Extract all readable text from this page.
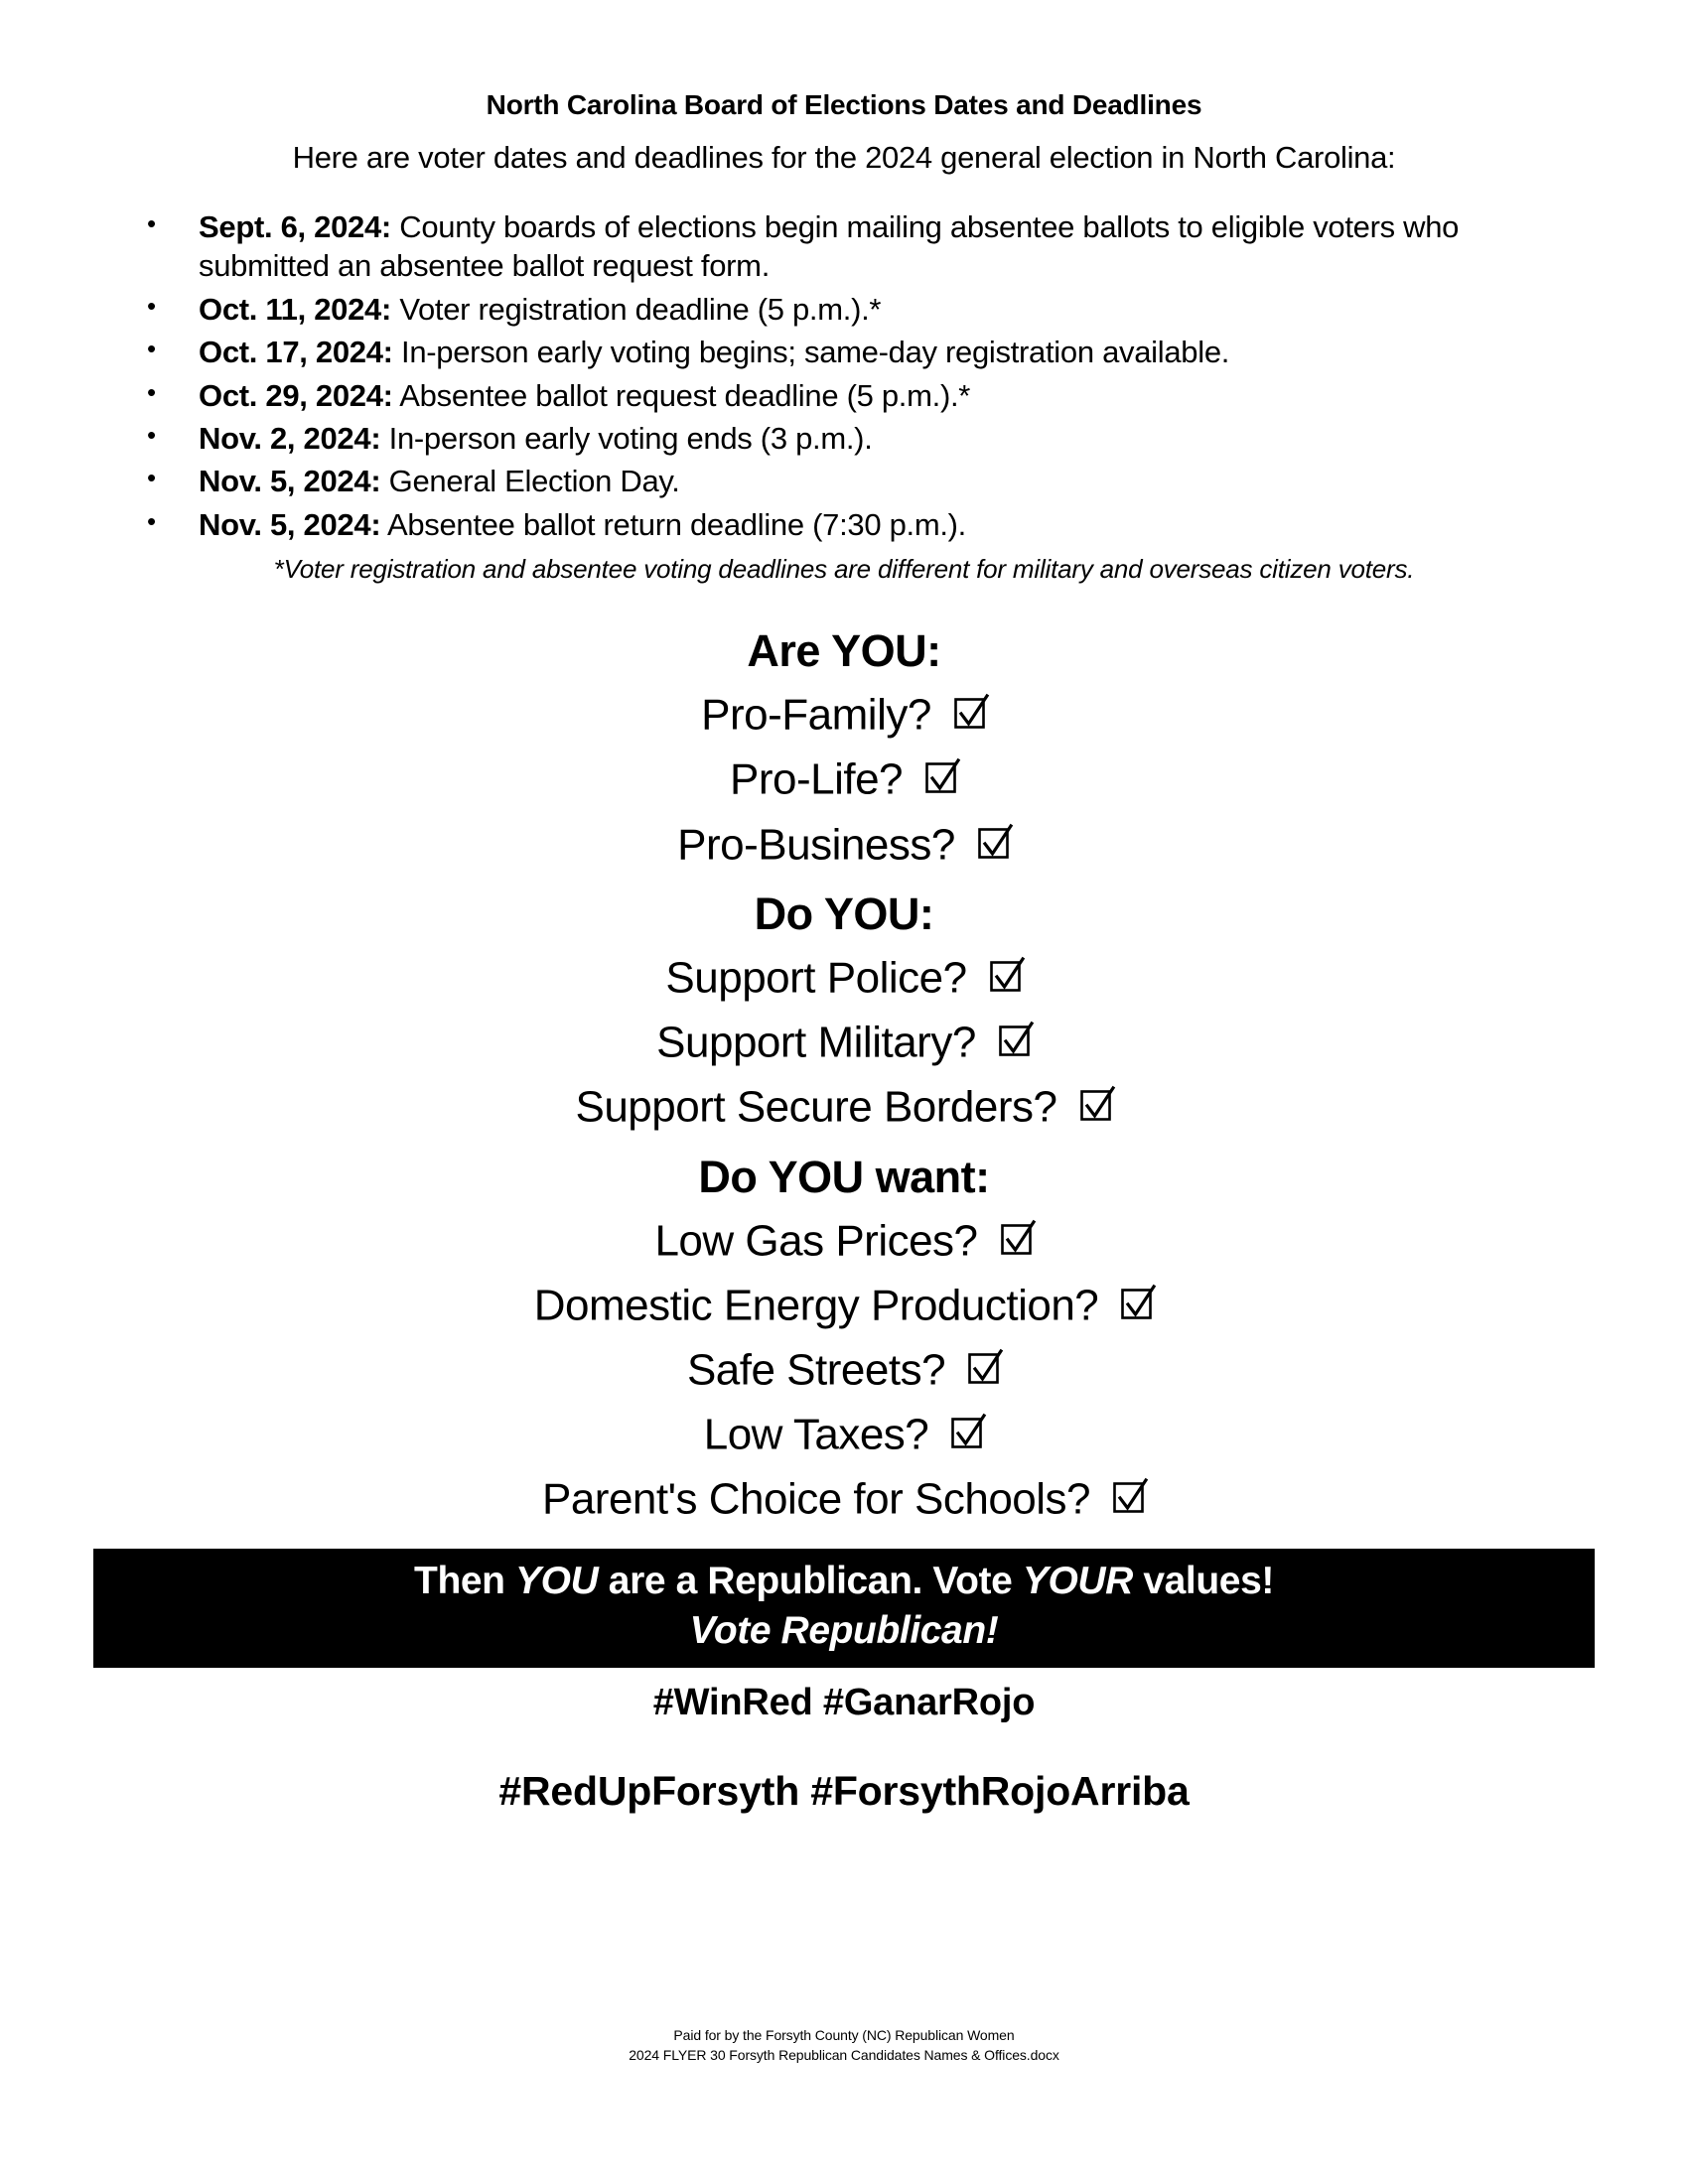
North Carolina Board of Elections Dates and Deadlines

Here are voter dates and deadlines for the 2024 general election in North Carolina:

• Sept. 6, 2024: County boards of elections begin mailing absentee ballots to eligible voters who submitted an absentee ballot request form.
• Oct. 11, 2024: Voter registration deadline (5 p.m.).*
• Oct. 17, 2024: In-person early voting begins; same-day registration available.
• Oct. 29, 2024: Absentee ballot request deadline (5 p.m.).*
• Nov. 2, 2024: In-person early voting ends (3 p.m.).
• Nov. 5, 2024: General Election Day.
• Nov. 5, 2024: Absentee ballot return deadline (7:30 p.m.).

*Voter registration and absentee voting deadlines are different for military and overseas citizen voters.

Are YOU:
Pro-Family?
Pro-Life?
Pro-Business?
Do YOU:
Support Police?
Support Military?
Support Secure Borders?
Do YOU want:
Low Gas Prices?
Domestic Energy Production?
Safe Streets?
Low Taxes?
Parent's Choice for Schools?
Then YOU are a Republican. Vote YOUR values!
Vote Republican!
#WinRed #GanarRojo
#RedUpForsyth #ForsythRojoArriba
Paid for by the Forsyth County (NC) Republican Women
2024 FLYER 30 Forsyth Republican Candidates Names & Offices.docx
